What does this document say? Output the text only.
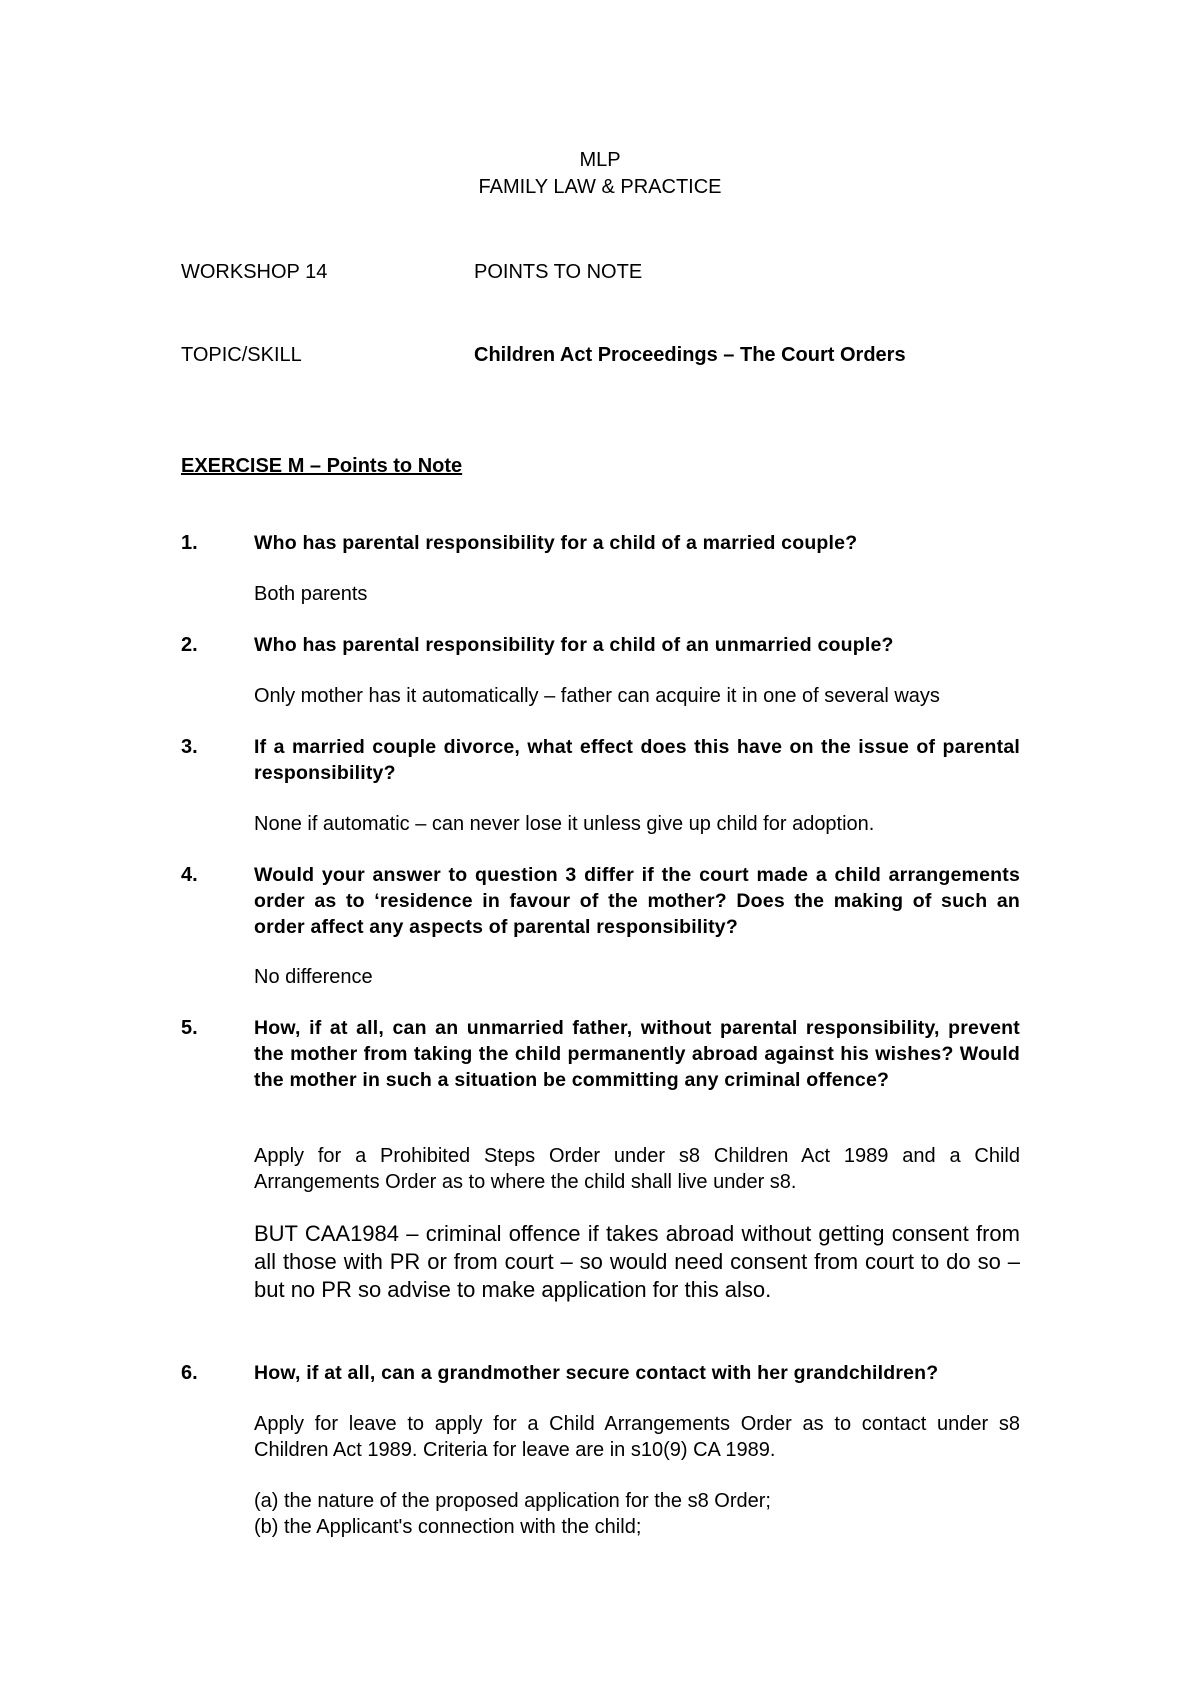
MLP

FAMILY LAW & PRACTICE

WORKSHOP 14	POINTS TO NOTE

TOPIC/SKILL	Children Act Proceedings – The Court Orders

EXERCISE M – Points to Note

1.	Who has parental responsibility for a child of a married couple?

Both parents

2.	Who has parental responsibility for a child of an unmarried couple?

Only mother has it automatically – father can acquire it in one of several ways

3.	If a married couple divorce, what effect does this have on the issue of parental responsibility?

None if automatic – can never lose it unless give up child for adoption.

4.	Would your answer to question 3 differ if the court made a child arrangements order as to ‘residence in favour of the mother? Does the making of such an order affect any aspects of parental responsibility?

No difference

5.	How, if at all, can an unmarried father, without parental responsibility, prevent the mother from taking the child permanently abroad against his wishes? Would the mother in such a situation be committing any criminal offence?

Apply for a Prohibited Steps Order under s8 Children Act 1989 and a Child Arrangements Order as to where the child shall live under s8.

BUT CAA1984 – criminal offence if takes abroad without getting consent from all those with PR or from court – so would need consent from court to do so – but no PR so advise to make application for this also.

6.	How, if at all, can a grandmother secure contact with her grandchildren?

Apply for leave to apply for a Child Arrangements Order as to contact under s8 Children Act 1989. Criteria for leave are in s10(9) CA 1989.

(a) the nature of the proposed application for the s8 Order;

(b) the Applicant's connection with the child;
